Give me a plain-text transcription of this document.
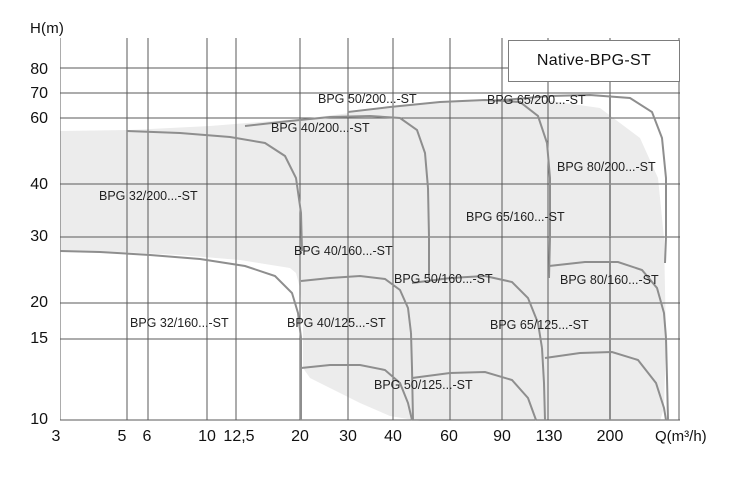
H(m)
Q(m³/h)
80
70
60
40
30
20
15
10
3	5	6	10 12,5	20	30	40	60	90	130	200
Native-BPG-ST
BPG 50/200...-ST	BPG 65/200...-ST
BPG 40/200...-ST
BPG 80/200...-ST
BPG 32/200...-ST
BPG 65/160...-ST
BPG 40/160...-ST
BPG 50/160...-ST	BPG 80/160...-ST
BPG 32/160...-ST	BPG 40/125...-ST	BPG 65/125...-ST
BPG 50/125...-ST
